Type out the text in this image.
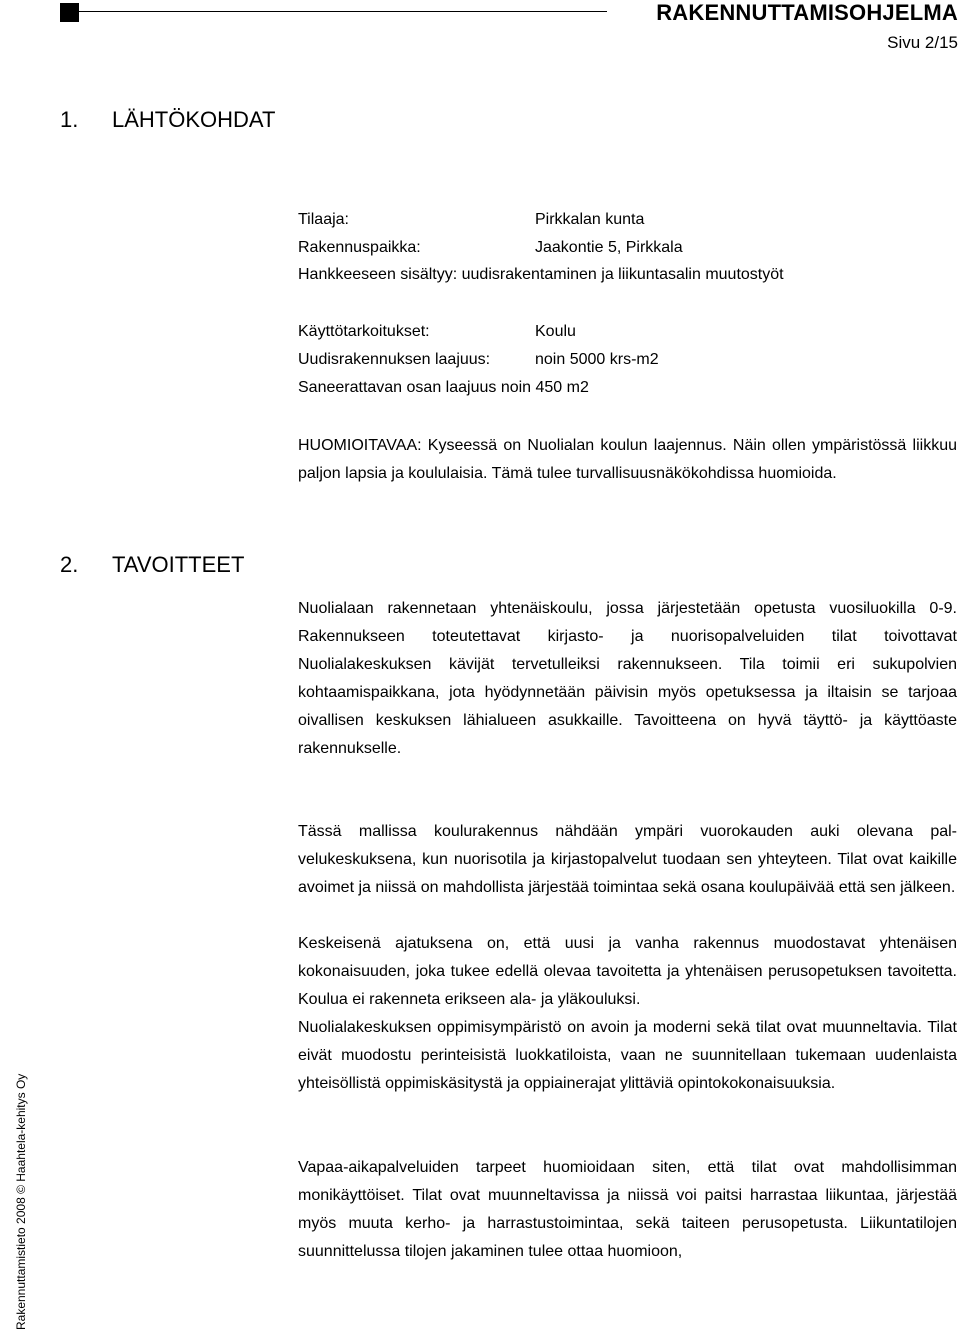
RAKENNUTTAMISOHJELMA
Sivu 2/15
1. LÄHTÖKOHDAT
Tilaaja:	Pirkkalan kunta
Rakennuspaikka:	Jaakontie 5, Pirkkala
Hankkeeseen sisältyy: uudisrakentaminen ja liikuntasalin muutostyöt
Käyttötarkoitukset:	Koulu
Uudisrakennuksen laajuus:	noin 5000 krs-m2
Saneerattavan osan laajuus noin 450 m2

HUOMIOITAVAA: Kyseessä on Nuolialan koulun laajennus. Näin ollen ympäristössä liikkuu paljon lapsia ja koululaisia. Tämä tulee turvallisuusnäkökohdissa huomioida.

2. TAVOITTEET

Nuolialaan rakennetaan yhtenäiskoulu, jossa järjestetään opetusta vuosiluokilla 0-9. Rakennukseen toteutettavat kirjasto- ja nuorisopalveluiden tilat toivottavat Nuolialakeskuksen kävijät tervetulleiksi rakennukseen. Tila toimii eri sukupolvien kohtaamispaikkana, jota hyödynnetään päivisin myös opetuksessa ja iltaisin se tarjoaa oivallisen keskuksen lähialueen asukkaille. Tavoitteena on hyvä täyttö- ja käyttöaste rakennukselle.

Tässä mallissa koulurakennus nähdään ympäri vuorokauden auki olevana palvelukeskuksena, kun nuorisotila ja kirjastopalvelut tuodaan sen yhteyteen. Tilat ovat kaikille avoimet ja niissä on mahdollista järjestää toimintaa sekä osana koulupäivää että sen jälkeen.

Keskeisenä ajatuksena on, että uusi ja vanha rakennus muodostavat yhtenäisen kokonaisuuden, joka tukee edellä olevaa tavoitetta ja yhtenäisen perusopetuksen tavoitetta. Koulua ei rakenneta erikseen ala- ja yläkouluksi.

Nuolialakeskuksen oppimisympäristö on avoin ja moderni sekä tilat ovat muunneltavia. Tilat eivät muodostu perinteisistä luokkatiloista, vaan ne suunnitellaan tukemaan uudenlaista yhteisöllistä oppimiskäsitystä ja oppiainerajat ylittäviä opintokokonaisuuksia.

Vapaa-aikapalveluiden tarpeet huomioidaan siten, että tilat ovat mahdollisimman monikäyttöiset. Tilat ovat muunneltavissa ja niissä voi paitsi harrastaa liikuntaa, järjestää myös muuta kerho- ja harrastustoimintaa, sekä taiteen perusopetusta. Liikuntatilojen suunnittelussa tilojen jakaminen tulee ottaa huomioon,

Rakennuttamistieto 2008 © Haahtela-kehitys Oy
